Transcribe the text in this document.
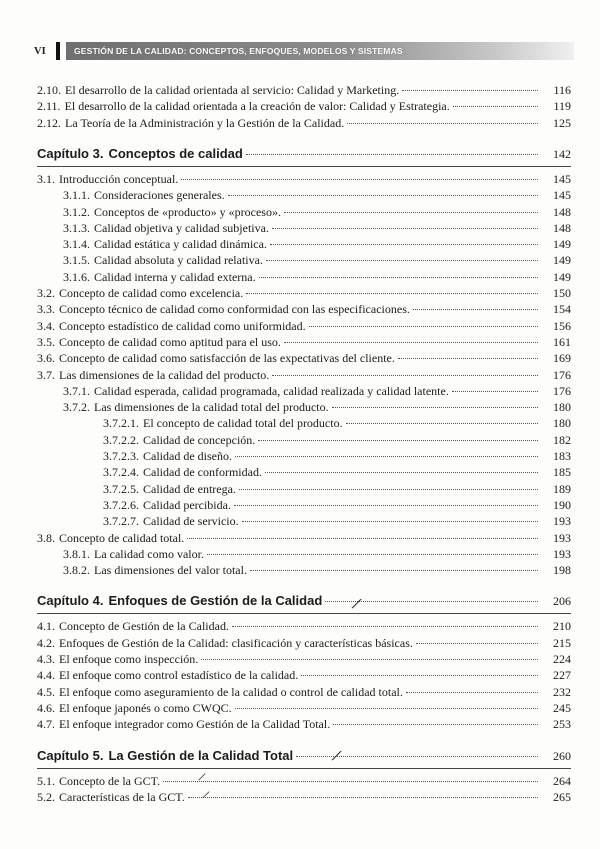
VI	GESTIÓN DE LA CALIDAD: CONCEPTOS, ENFOQUES, MODELOS Y SISTEMAS
2.10. El desarrollo de la calidad orientada al servicio: Calidad y Marketing.	116
2.11. El desarrollo de la calidad orientada a la creación de valor: Calidad y Estrategia.	119
2.12. La Teoría de la Administración y la Gestión de la Calidad.	125
Capítulo 3. Conceptos de calidad	142
3.1. Introducción conceptual.	145
3.1.1. Consideraciones generales.	145
3.1.2. Conceptos de «producto» y «proceso».	148
3.1.3. Calidad objetiva y calidad subjetiva.	148
3.1.4. Calidad estática y calidad dinámica.	149
3.1.5. Calidad absoluta y calidad relativa.	149
3.1.6. Calidad interna y calidad externa.	149
3.2. Concepto de calidad como excelencia.	150
3.3. Concepto técnico de calidad como conformidad con las especificaciones.	154
3.4. Concepto estadístico de calidad como uniformidad.	156
3.5. Concepto de calidad como aptitud para el uso.	161
3.6. Concepto de calidad como satisfacción de las expectativas del cliente.	169
3.7. Las dimensiones de la calidad del producto.	176
3.7.1. Calidad esperada, calidad programada, calidad realizada y calidad latente.	176
3.7.2. Las dimensiones de la calidad total del producto.	180
3.7.2.1. El concepto de calidad total del producto.	180
3.7.2.2. Calidad de concepción.	182
3.7.2.3. Calidad de diseño.	183
3.7.2.4. Calidad de conformidad.	185
3.7.2.5. Calidad de entrega.	189
3.7.2.6. Calidad percibida.	190
3.7.2.7. Calidad de servicio.	193
3.8. Concepto de calidad total.	193
3.8.1. La calidad como valor.	193
3.8.2. Las dimensiones del valor total.	198
Capítulo 4. Enfoques de Gestión de la Calidad	206
4.1. Concepto de Gestión de la Calidad.	210
4.2. Enfoques de Gestión de la Calidad: clasificación y características básicas.	215
4.3. El enfoque como inspección.	224
4.4. El enfoque como control estadístico de la calidad.	227
4.5. El enfoque como aseguramiento de la calidad o control de calidad total.	232
4.6. El enfoque japonés o como CWQC.	245
4.7. El enfoque integrador como Gestión de la Calidad Total.	253
Capítulo 5. La Gestión de la Calidad Total	260
5.1. Concepto de la GCT.	264
5.2. Características de la GCT.	265
/
/
/
/
